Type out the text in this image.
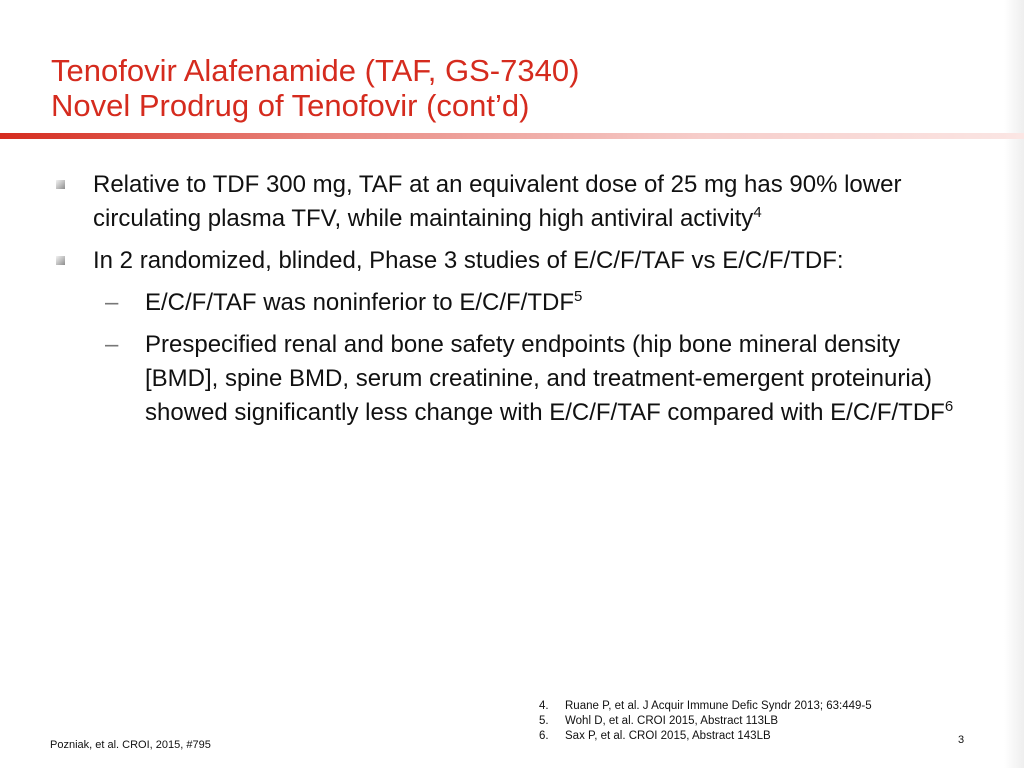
Tenofovir Alafenamide (TAF, GS-7340)
Novel Prodrug of Tenofovir (cont’d)

Relative to TDF 300 mg, TAF at an equivalent dose of 25 mg has 90% lower circulating plasma TFV, while maintaining high antiviral activity$^4$

In 2 randomized, blinded, Phase 3 studies of E/C/F/TAF vs E/C/F/TDF:

– E/C/F/TAF was noninferior to E/C/F/TDF$^5$

– Prespecified renal and bone safety endpoints (hip bone mineral density [BMD], spine BMD, serum creatinine, and treatment-emergent proteinuria) showed significantly less change with E/C/F/TAF compared with E/C/F/TDF$^6$

4.	Ruane P, et al. J Acquir Immune Defic Syndr 2013; 63:449-5
5.	Wohl D, et al. CROI 2015, Abstract 113LB
6.	Sax P, et al. CROI 2015, Abstract 143LB
Pozniak, et al. CROI, 2015, #795	3
